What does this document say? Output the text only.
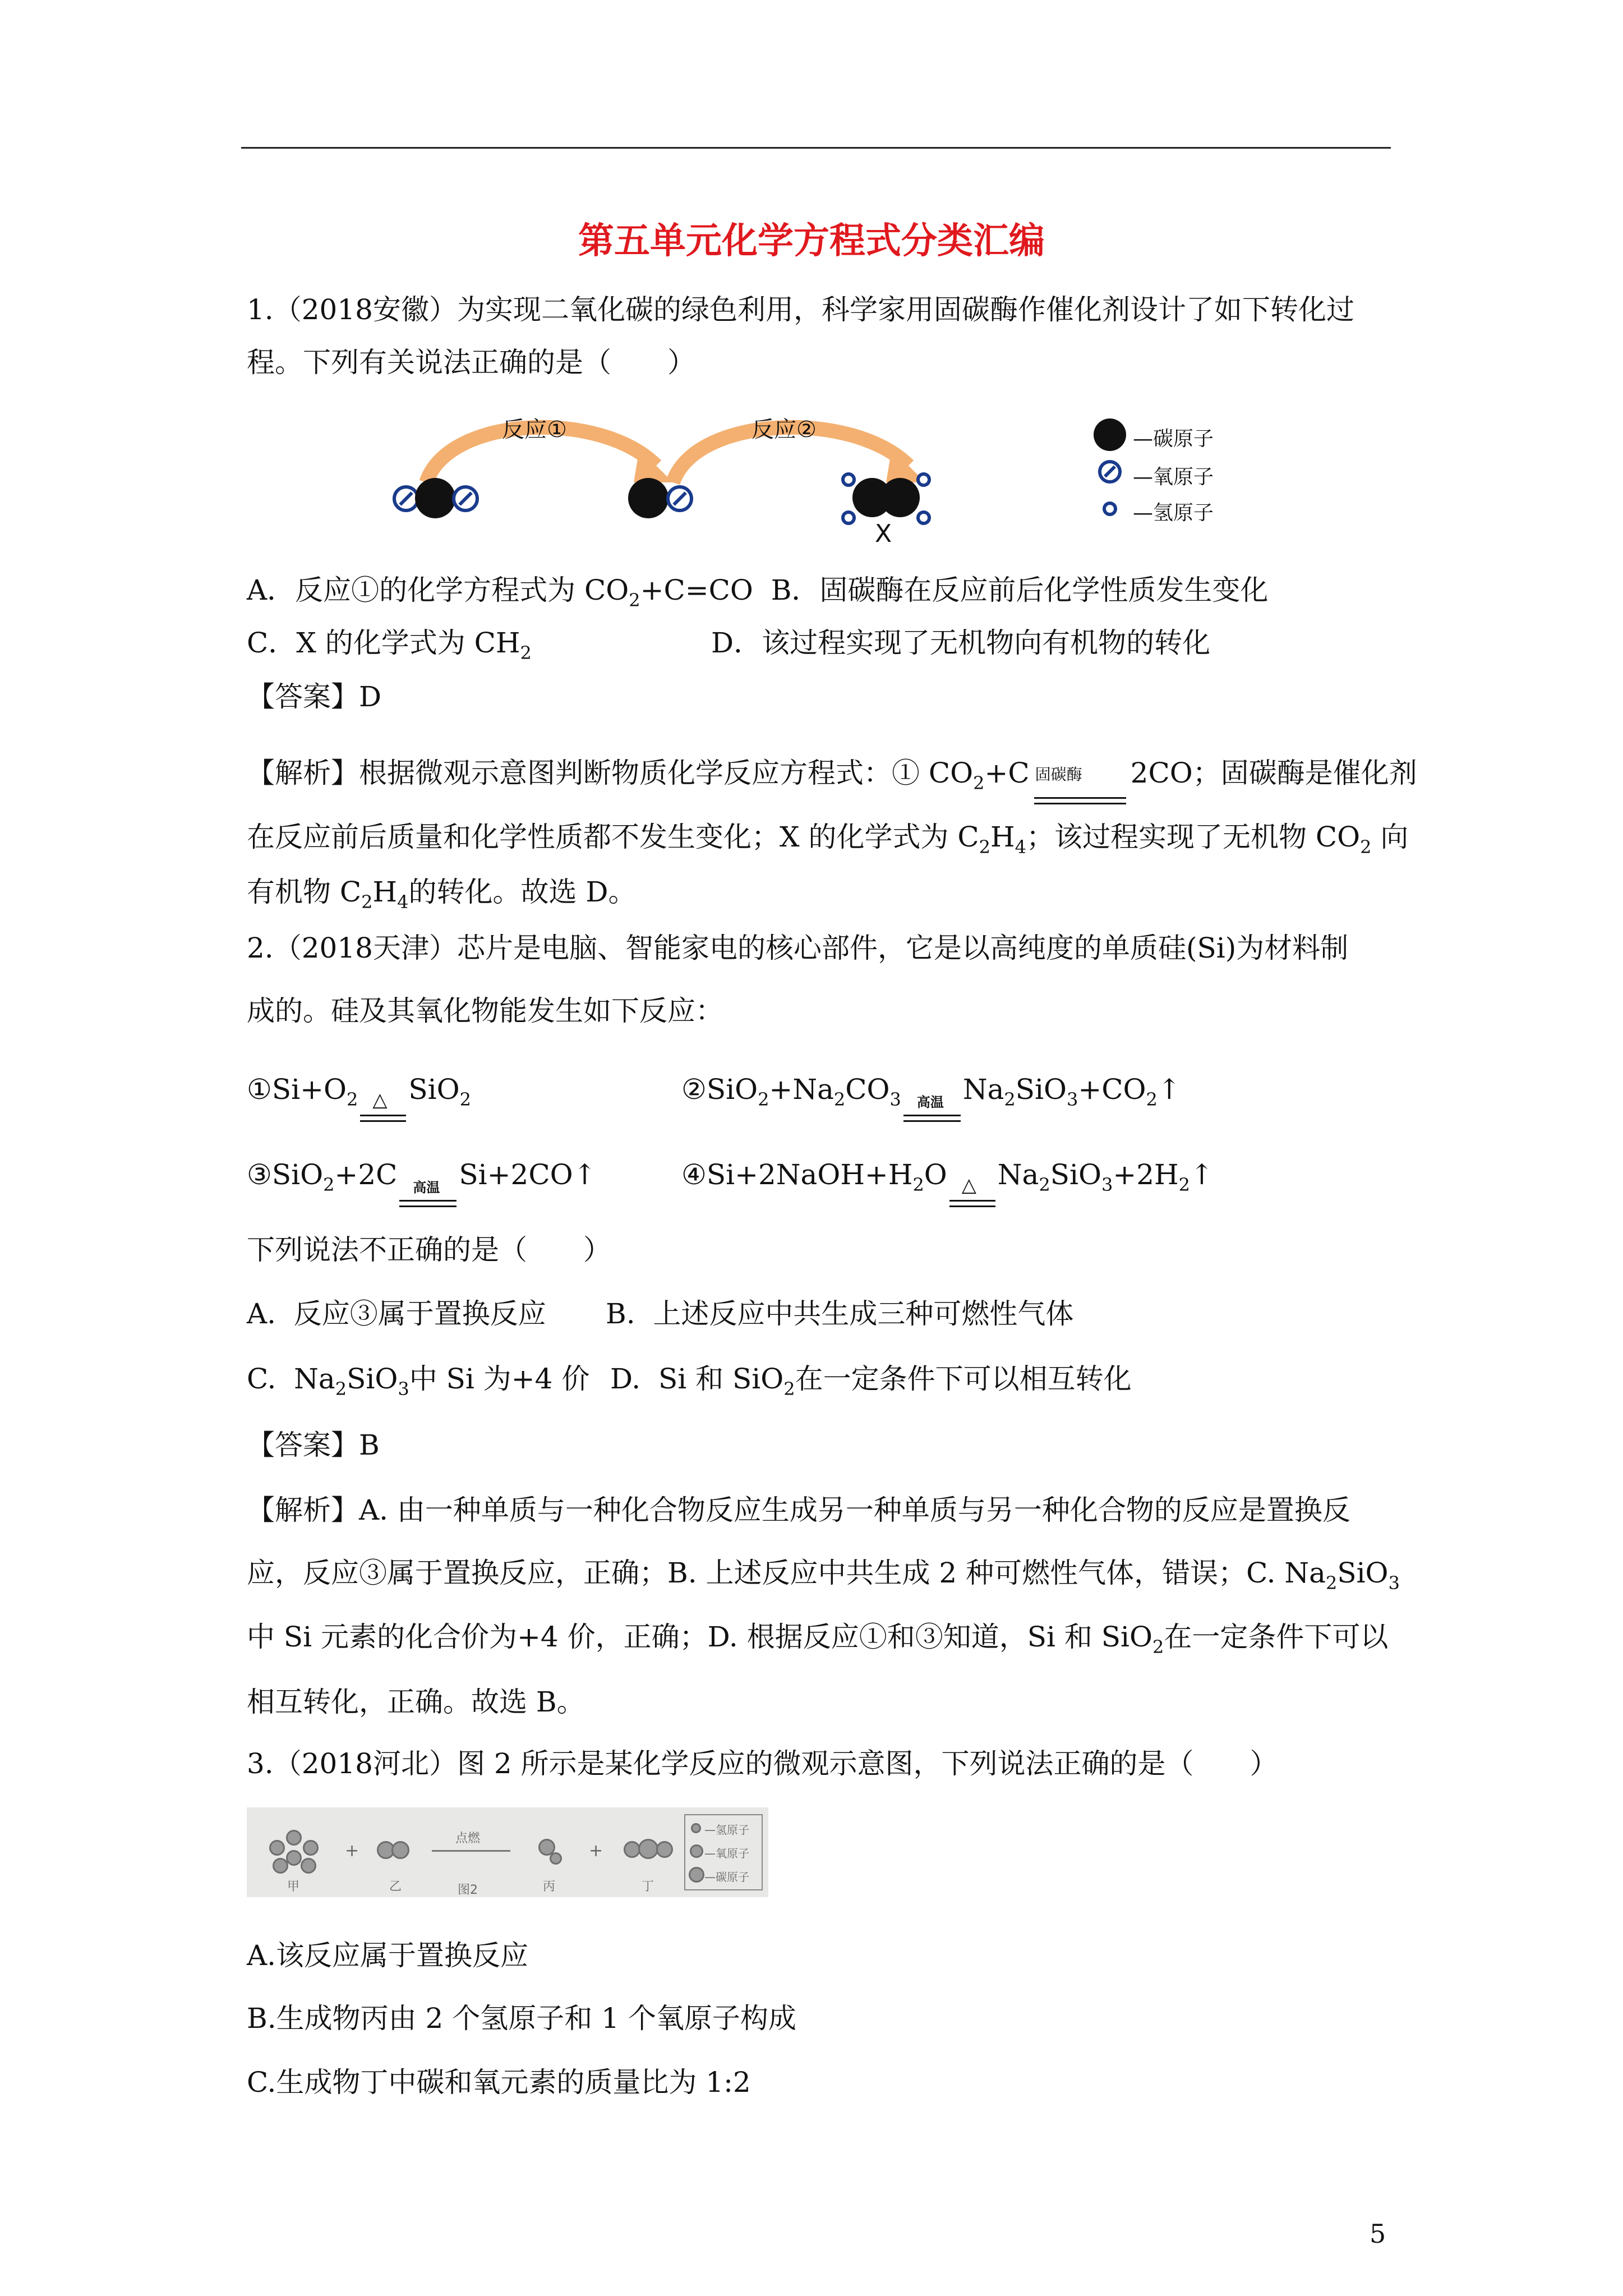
第五单元化学方程式分类汇编
1.（2018安徽）为实现二氧化碳的绿色利用，科学家用固碳酶作催化剂设计了如下转化过
程。下列有关说法正确的是（　　）
反应①	反应②
X
—碳原子
—氧原子
—氢原子
A．反应①的化学方程式为 $CO_2+C=CO$  B．固碳酶在反应前后化学性质发生变化
C．X 的化学式为 $CH_2$	D．该过程实现了无机物向有机物的转化
【答案】D
【解析】根据微观示意图判断物质化学反应方程式：① $CO_2+C$ 固碳酶 2CO；固碳酶是催化剂
在反应前后质量和化学性质都不发生变化；X 的化学式为 $C_2H_4$；该过程实现了无机物 $CO_2$ 向
有机物 $C_2H_4$的转化。故选 D。
2.（2018天津）芯片是电脑、智能家电的核心部件，它是以高纯度的单质硅(Si)为材料制
成的。硅及其氧化物能发生如下反应：
$①Si+O_2$ △ SiO$_2$	$②SiO_2+Na_2CO_3$ 高温 $Na_2SiO_3+CO_2↑$
③SiO$_2$+2C 高温 Si+2CO↑	$④Si+2NaOH+H_2O$ △ $Na_2SiO_3+2H_2↑$
下列说法不正确的是（　　）
A.  反应③属于置换反应 B.  上述反应中共生成三种可燃性气体
C.  $Na_2SiO_3$中 Si 为+4 价 D.  Si 和 SiO$_2$在一定条件下可以相互转化
【答案】B
【解析】A. 由一种单质与一种化合物反应生成另一种单质与另一种化合物的反应是置换反
应，反应③属于置换反应，正确；B. 上述反应中共生成 2 种可燃性气体，错误；C. $Na_2SiO_3$
中 Si 元素的化合价为+4 价，正确；D. 根据反应①和③知道，Si 和 SiO$_2$在一定条件下可以
相互转化，正确。故选 B。
3.（2018河北）图 2 所示是某化学反应的微观示意图，下列说法正确的是（　　）
甲
+
乙
点燃
图2	丙
+
丁
—氢原子
—氧原子
—碳原子
A.该反应属于置换反应
B.生成物丙由 2 个氢原子和 1 个氧原子构成
C.生成物丁中碳和氧元素的质量比为 1:2
5
